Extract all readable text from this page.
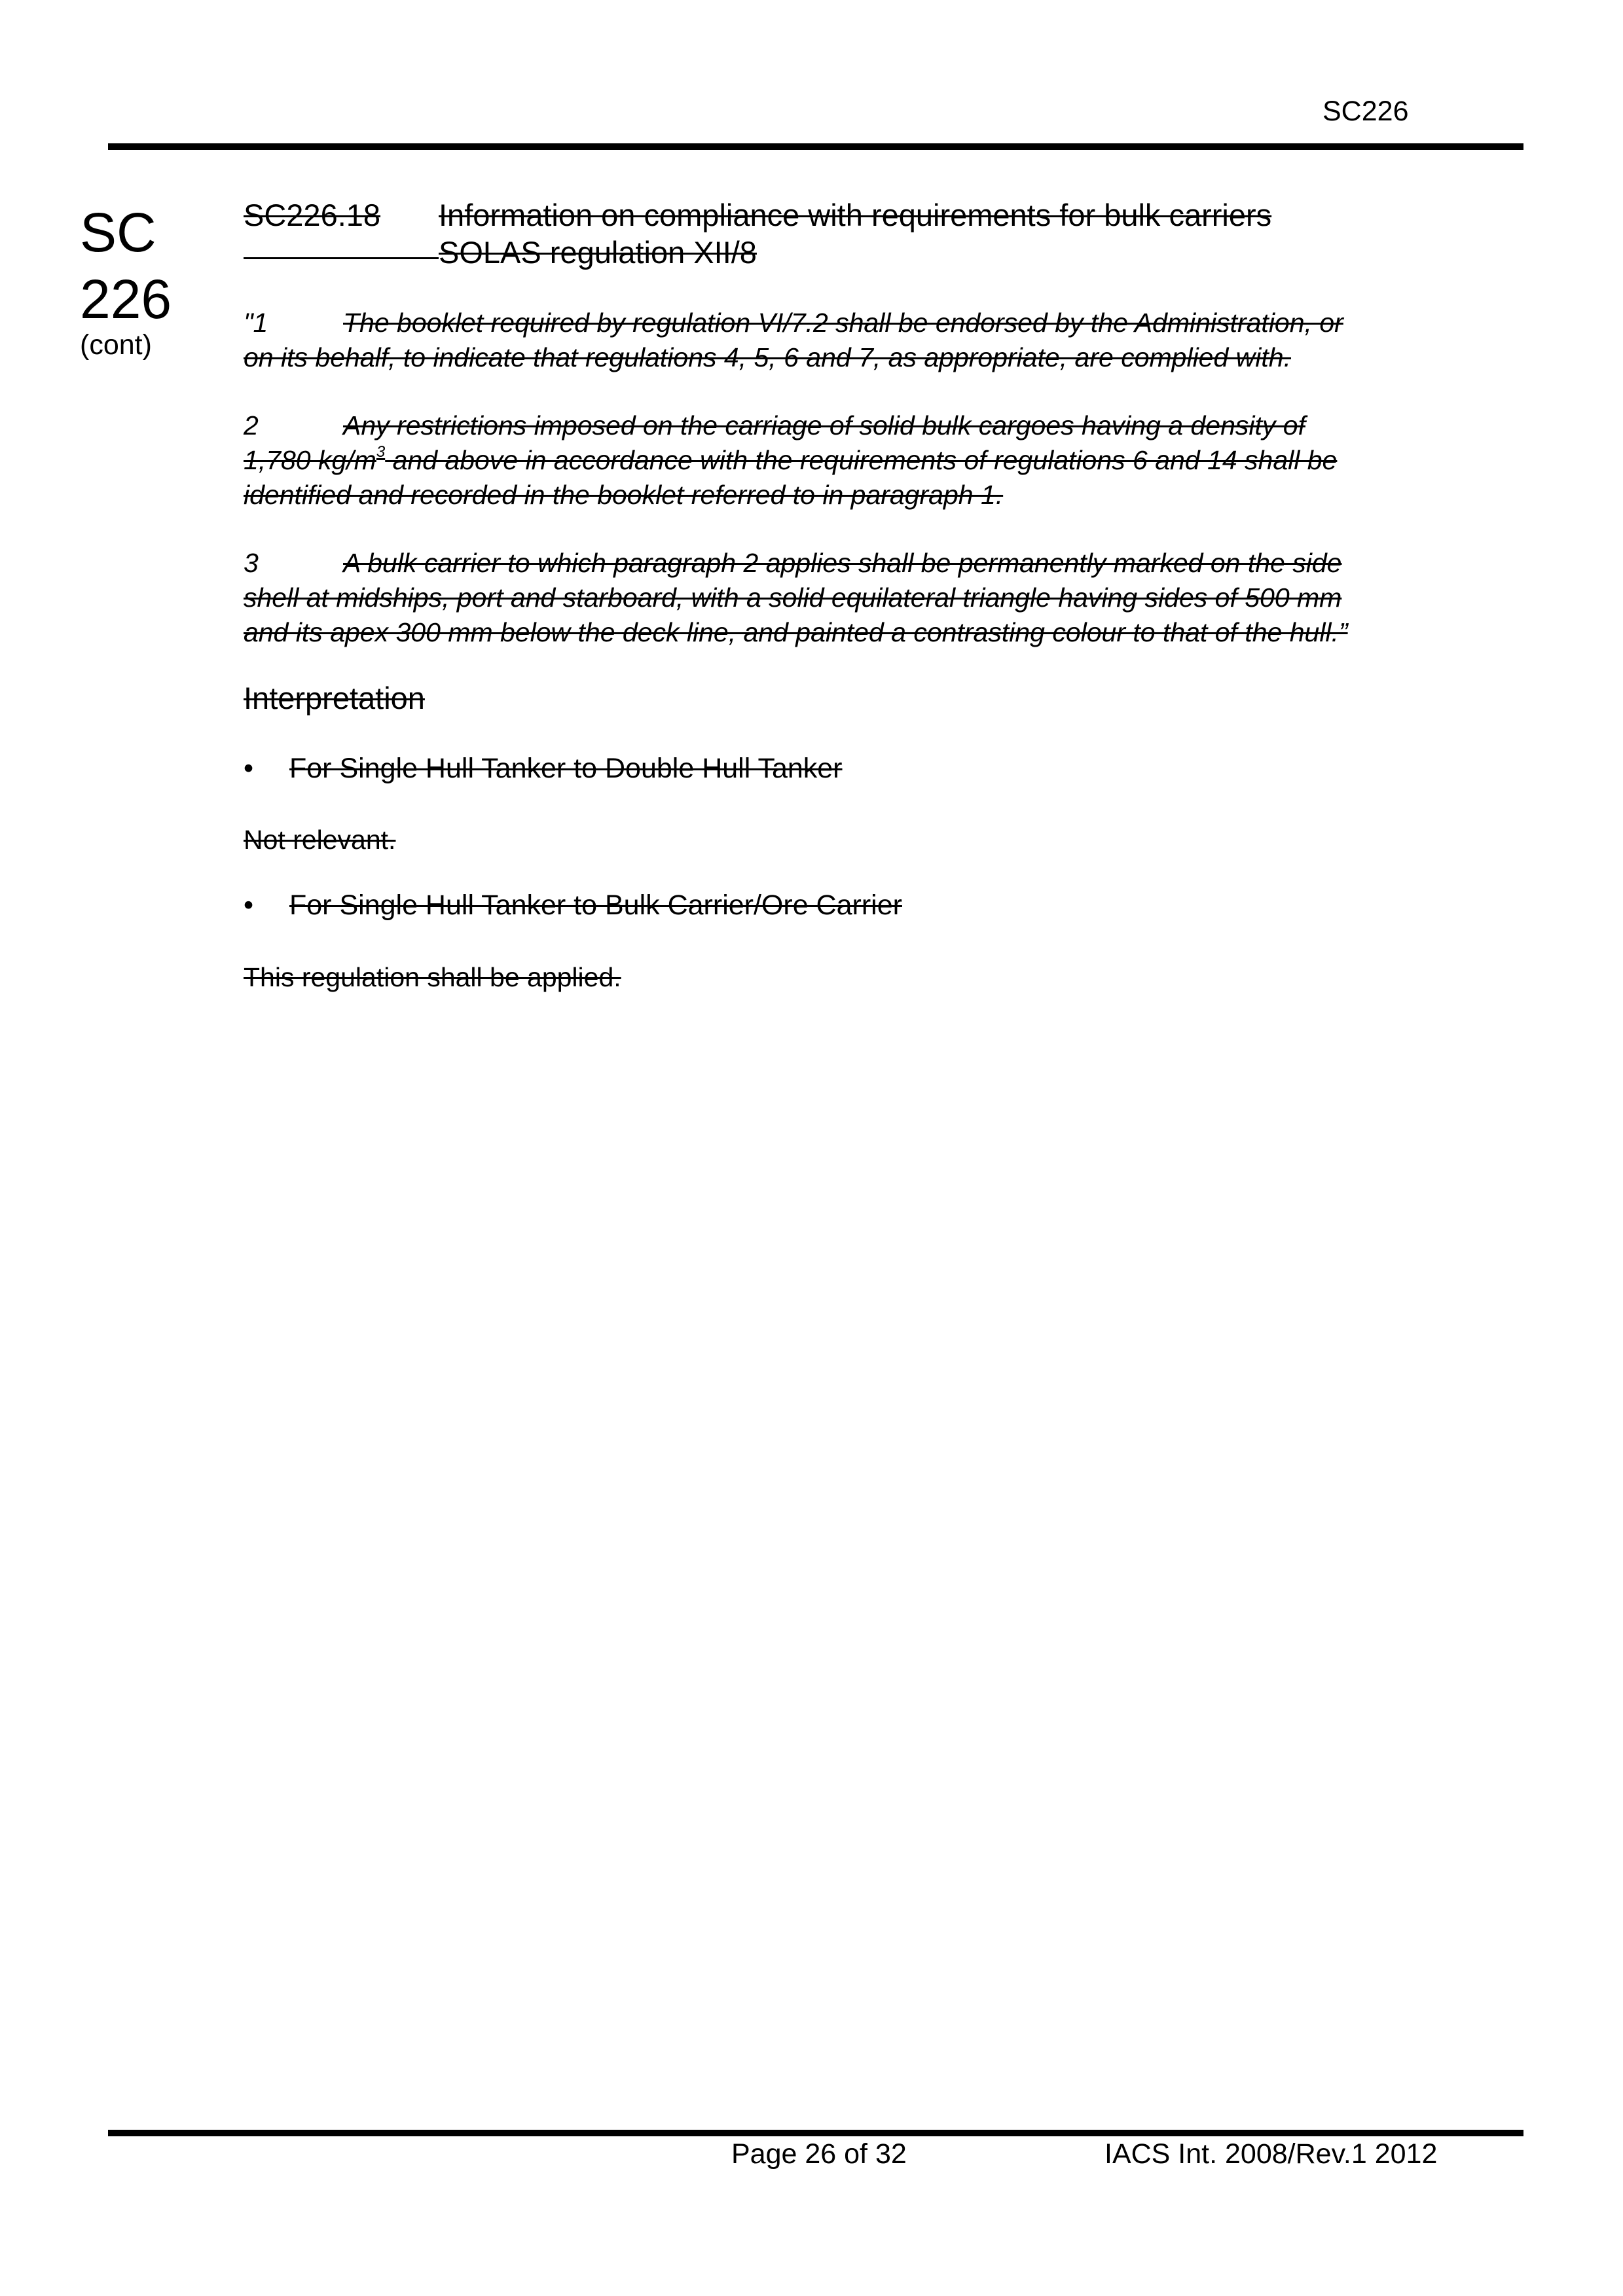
SC226
SC
226
(cont)
SC226.18 Information on compliance with requirements for bulk carriers
SOLAS regulation XII/8
"1	The booklet required by regulation VI/7.2 shall be endorsed by the Administration, or
on its behalf, to indicate that regulations 4, 5, 6 and 7, as appropriate, are complied with.
2	Any restrictions imposed on the carriage of solid bulk cargoes having a density of
1,780 $kg/m^3$ and above in accordance with the requirements of regulations 6 and 14 shall be
identified and recorded in the booklet referred to in paragraph 1.
3	A bulk carrier to which paragraph 2 applies shall be permanently marked on the side
shell at midships, port and starboard, with a solid equilateral triangle having sides of 500 mm
and its apex 300 mm below the deck line, and painted a contrasting colour to that of the hull.”
Interpretation
• For Single Hull Tanker to Double Hull Tanker
Not relevant.
• For Single Hull Tanker to Bulk Carrier/Ore Carrier
This regulation shall be applied.
Page 26 of 32	IACS Int. 2008/Rev.1 2012
